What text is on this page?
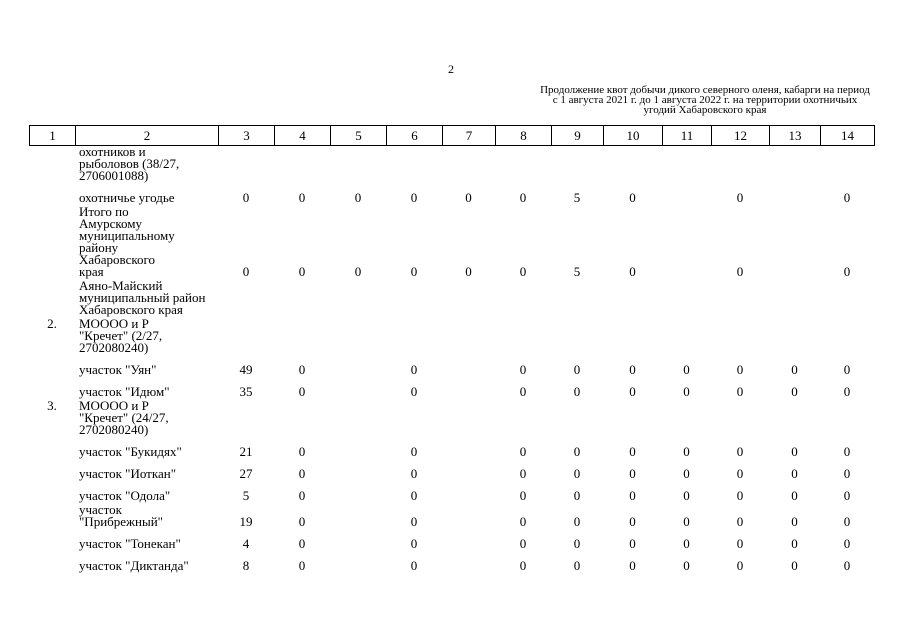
2
Продолжение квот добычи дикого северного оленя, кабарги на период с 1 августа 2021 г. до 1 августа 2022 г. на территории охотничьих угодий Хабаровского края
1	2	3	4	5	6	7	8	9	10	11	12	13	14

	охотников и рыболовов (38/27, 2706001088)												

	охотничье угодье	0	0	0	0	0	0	5	0		0		0

	Итого по Амурскому муниципальному району Хабаровского края	0	0	0	0	0	0	5	0		0		0

	Аяно-Майский муниципальный район Хабаровского края												

2.	МОООО и Р "Кречет" (2/27, 2702080240)												

	участок "Уян"	49	0		0		0	0	0	0	0	0	0

	участок "Идюм"	35	0		0		0	0	0	0	0	0	0
3.	МОООО и Р "Кречет" (24/27, 2702080240)												

	участок "Букидях"	21	0		0		0	0	0	0	0	0	0

	участок "Иоткан"	27	0		0		0	0	0	0	0	0	0

	участок "Одола"	5	0		0		0	0	0	0	0	0	0

	участок "Прибрежный"	19	0		0		0	0	0	0	0	0	0

	участок "Тонекан"	4	0		0		0	0	0	0	0	0	0

	участок "Диктанда"	8	0		0		0	0	0	0	0	0	0
